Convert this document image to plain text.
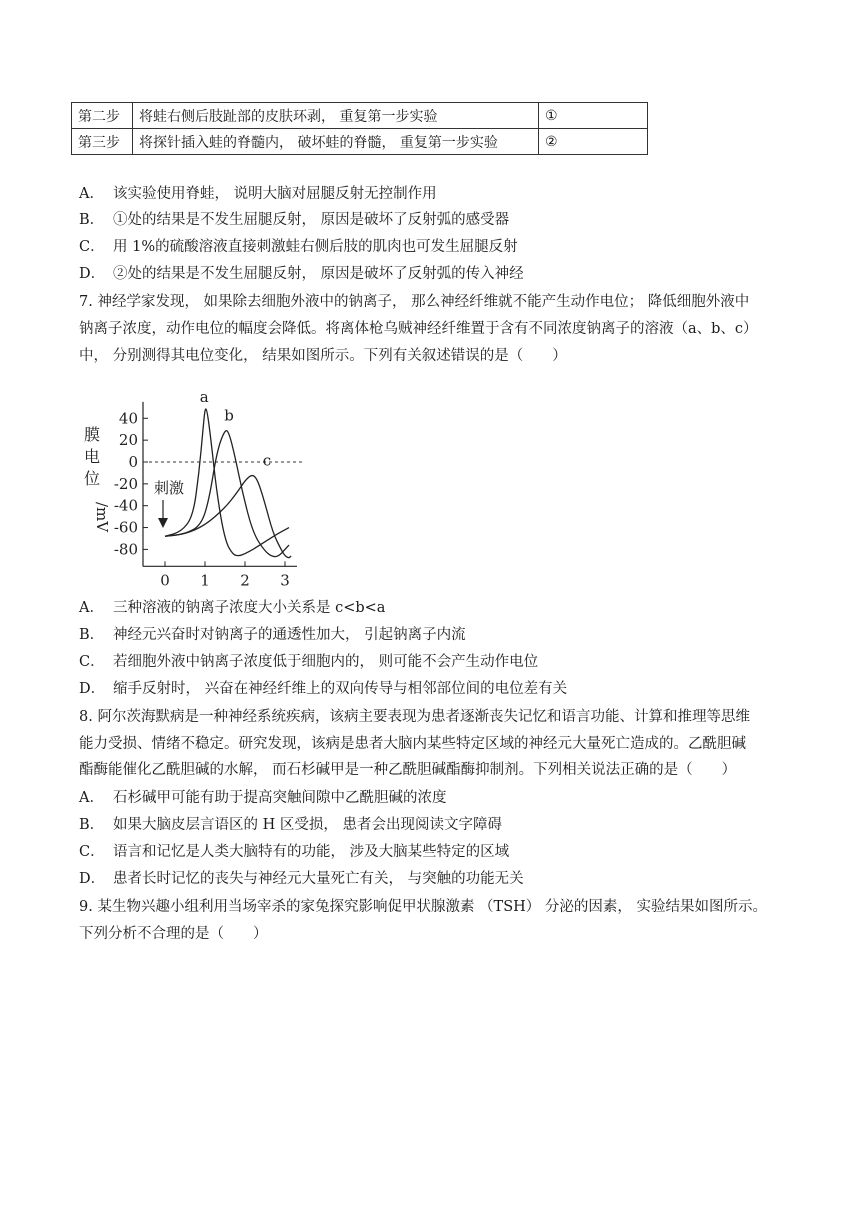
第二步	将蛙右侧后肢趾部的皮肤环剥， 重复第一步实验	①
第三步	将探针插入蛙的脊髓内， 破坏蛙的脊髓， 重复第一步实验	②
A． 该实验使用脊蛙， 说明大脑对屈腿反射无控制作用
B． ①处的结果是不发生屈腿反射， 原因是破坏了反射弧的感受器
C． 用 1%的硫酸溶液直接刺激蛙右侧后肢的肌肉也可发生屈腿反射
D． ②处的结果是不发生屈腿反射， 原因是破坏了反射弧的传入神经
7. 神经学家发现， 如果除去细胞外液中的钠离子， 那么神经纤维就不能产生动作电位； 降低细胞外液中
钠离子浓度，动作电位的幅度会降低。将离体枪乌贼神经纤维置于含有不同浓度钠离子的溶液（a、b、c）
中， 分别测得其电位变化， 结果如图所示。下列有关叙述错误的是（　　）
40
20
0
-20
-40
-60
-80
0 1 2 3
膜
电
位
/mV
刺激
a
b
c
A． 三种溶液的钠离子浓度大小关系是 c<b<a
B． 神经元兴奋时对钠离子的通透性加大， 引起钠离子内流
C． 若细胞外液中钠离子浓度低于细胞内的， 则可能不会产生动作电位
D． 缩手反射时， 兴奋在神经纤维上的双向传导与相邻部位间的电位差有关
8. 阿尔茨海默病是一种神经系统疾病，该病主要表现为患者逐渐丧失记忆和语言功能、计算和推理等思维
能力受损、情绪不稳定。研究发现，该病是患者大脑内某些特定区域的神经元大量死亡造成的。乙酰胆碱
酯酶能催化乙酰胆碱的水解， 而石杉碱甲是一种乙酰胆碱酯酶抑制剂。下列相关说法正确的是（　　）
A． 石杉碱甲可能有助于提高突触间隙中乙酰胆碱的浓度
B． 如果大脑皮层言语区的 H 区受损， 患者会出现阅读文字障碍
C． 语言和记忆是人类大脑特有的功能， 涉及大脑某些特定的区域
D． 患者长时记忆的丧失与神经元大量死亡有关， 与突触的功能无关
9. 某生物兴趣小组利用当场宰杀的家兔探究影响促甲状腺激素 （TSH） 分泌的因素， 实验结果如图所示。
下列分析不合理的是（　　）
